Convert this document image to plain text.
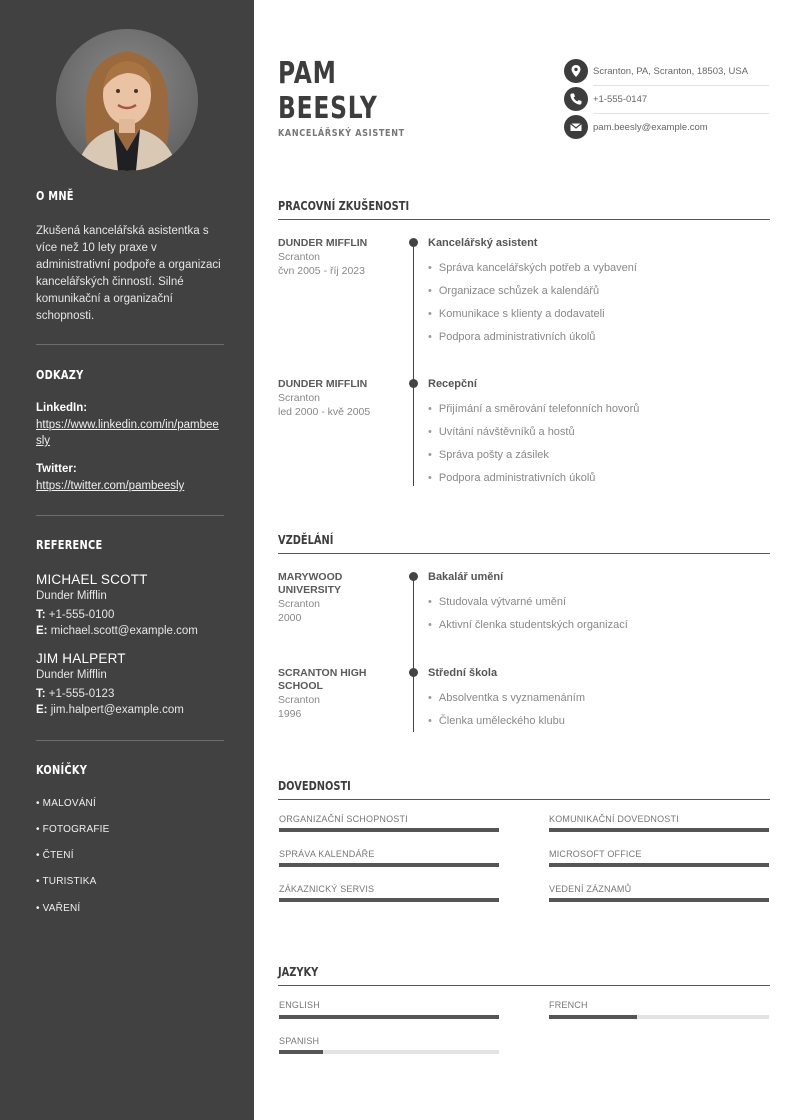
O MNĚ
Zkušená kancelářská asistentka s více než 10 lety praxe v administrativní podpoře a organizaci kancelářských činností. Silné komunikační a organizační schopnosti.
ODKAZY
LinkedIn:
https://www.linkedin.com/in/pambeesly
Twitter:
https://twitter.com/pambeesly
REFERENCE
MICHAEL SCOTT
Dunder Mifflin
T: +1-555-0100
E: michael.scott@example.com
JIM HALPERT
Dunder Mifflin
T: +1-555-0123
E: jim.halpert@example.com
KONÍČKY
• MALOVÁNÍ
• FOTOGRAFIE
• ČTENÍ
• TURISTIKA
• VAŘENÍ
PAM
BEESLY
KANCELÁŘSKÝ ASISTENT
Scranton, PA, Scranton, 18503, USA
+1-555-0147
pam.beesly@example.com
PRACOVNÍ ZKUŠENOSTI
DUNDER MIFFLIN
Scranton
čvn 2005 - říj 2023
Kancelářský asistent
• Správa kancelářských potřeb a vybavení
• Organizace schůzek a kalendářů
• Komunikace s klienty a dodavateli
• Podpora administrativních úkolů
DUNDER MIFFLIN
Scranton
led 2000 - kvě 2005
Recepční
• Přijímání a směrování telefonních hovorů
• Uvítání návštěvníků a hostů
• Správa pošty a zásilek
• Podpora administrativních úkolů
VZDĚLÁNÍ
MARYWOOD UNIVERSITY
Scranton
2000
Bakalář umění
• Studovala výtvarné umění
• Aktivní členka studentských organizací
SCRANTON HIGH SCHOOL
Scranton
1996
Střední škola
• Absolventka s vyznamenáním
• Členka uměleckého klubu
DOVEDNOSTI
ORGANIZAČNÍ SCHOPNOSTI	KOMUNIKAČNÍ DOVEDNOSTI
SPRÁVA KALENDÁŘE	MICROSOFT OFFICE
ZÁKAZNICKÝ SERVIS	VEDENÍ ZÁZNAMŮ
JAZYKY
ENGLISH	FRENCH
SPANISH
